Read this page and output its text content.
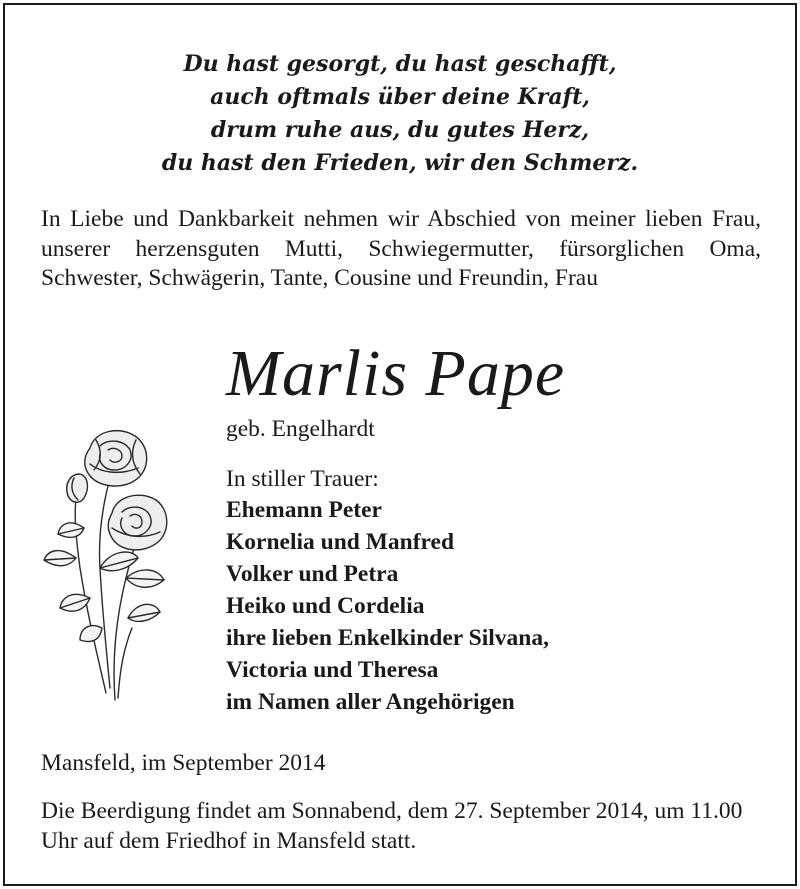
Du hast gesorgt, du hast geschafft,
auch oftmals über deine Kraft,
drum ruhe aus, du gutes Herz,
du hast den Frieden, wir den Schmerz.
In Liebe und Dankbarkeit nehmen wir Abschied von meiner lieben Frau, unserer herzensguten Mutti, Schwiegermutter, fürsorglichen Oma, Schwester, Schwägerin, Tante, Cousine und Freundin, Frau
Marlis Pape
geb. Engelhardt
In stiller Trauer:
Ehemann Peter
Kornelia und Manfred
Volker und Petra
Heiko und Cordelia
ihre lieben Enkelkinder Silvana,
Victoria und Theresa
im Namen aller Angehörigen
Mansfeld, im September 2014
Die Beerdigung findet am Sonnabend, dem 27. September 2014, um 11.00 Uhr auf dem Friedhof in Mansfeld statt.
